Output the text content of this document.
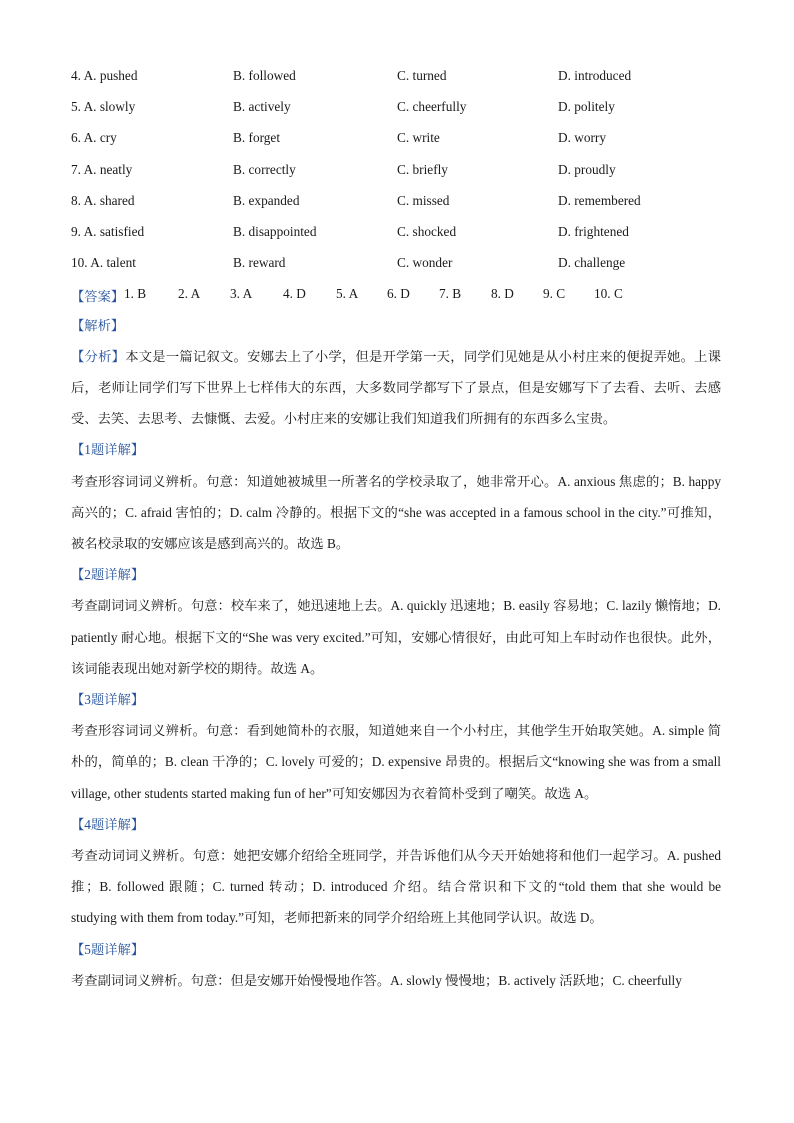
4. A. pushed	B. followed	C. turned	D. introduced
5. A. slowly	B. actively	C. cheerfully	D. politely
6. A. cry	B. forget	C. write	D. worry
7. A. neatly	B. correctly	C. briefly	D. proudly
8. A. shared	B. expanded	C. missed	D. remembered
9. A. satisfied	B. disappointed	C. shocked	D. frightened
10. A. talent	B. reward	C. wonder	D. challenge
【答案】 1. B 2. A 3. A 4. D 5. A 6. D 7. B 8. D 9. C 10. C

【解析】

【分析】本文是一篇记叙文。安娜去上了小学，但是开学第一天，同学们见她是从小村庄来的便捉弄她。上课后，老师让同学们写下世界上七样伟大的东西，大多数同学都写下了景点，但是安娜写下了去看、去听、去感受、去笑、去思考、去慷慨、去爱。小村庄来的安娜让我们知道我们所拥有的东西多么宝贵。

【1题详解】

考查形容词词义辨析。句意：知道她被城里一所著名的学校录取了，她非常开心。A. anxious 焦虑的；B. happy 高兴的；C. afraid 害怕的；D. calm 冷静的。根据下文的“she was accepted in a famous school in the city.”可推知，被名校录取的安娜应该是感到高兴的。故选 B。

【2题详解】

考查副词词义辨析。句意：校车来了，她迅速地上去。A. quickly 迅速地；B. easily 容易地；C. lazily 懒惰地；D. patiently 耐心地。根据下文的“She was very excited.”可知，安娜心情很好，由此可知上车时动作也很快。此外，该词能表现出她对新学校的期待。故选 A。

【3题详解】

考查形容词词义辨析。句意：看到她简朴的衣服，知道她来自一个小村庄，其他学生开始取笑她。A. simple 简朴的，简单的；B. clean 干净的；C. lovely 可爱的；D. expensive 昂贵的。根据后文“knowing she was from a small village, other students started making fun of her”可知安娜因为衣着简朴受到了嘲笑。故选 A。

【4题详解】

考查动词词义辨析。句意：她把安娜介绍给全班同学，并告诉他们从今天开始她将和他们一起学习。A. pushed 推；B. followed 跟随；C. turned 转动；D. introduced 介绍。结合常识和下文的“told them that she would be studying with them from today.”可知，老师把新来的同学介绍给班上其他同学认识。故选 D。

【5题详解】

考查副词词义辨析。句意：但是安娜开始慢慢地作答。A. slowly 慢慢地；B. actively 活跃地；C. cheerfully
